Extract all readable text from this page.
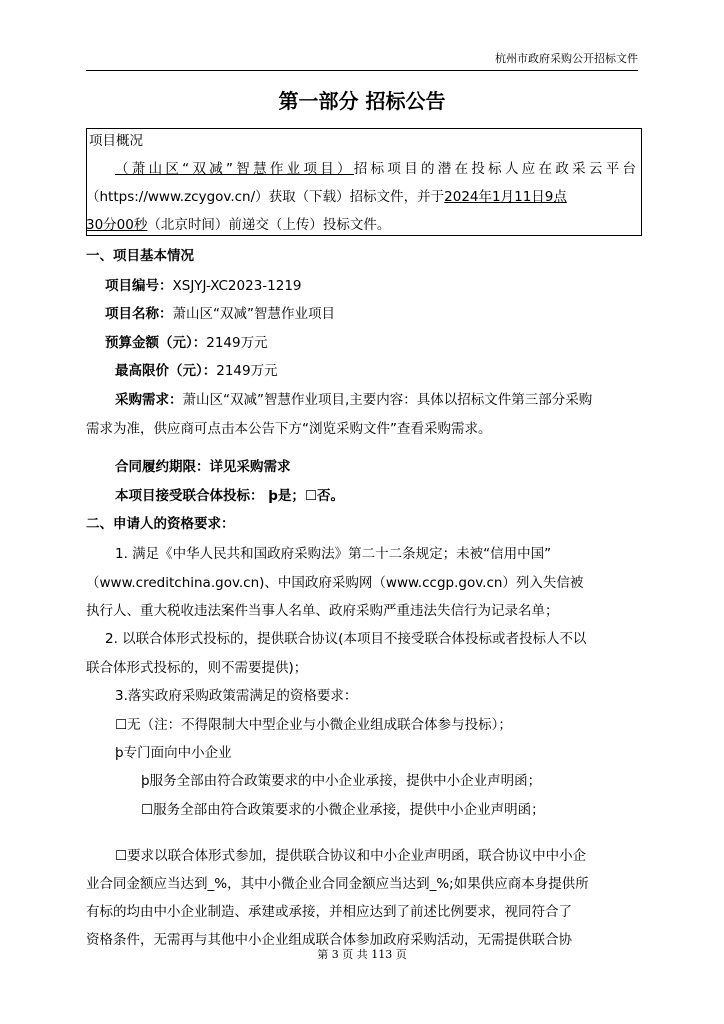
杭州市政府采购公开招标文件
第一部分 招标公告
项目概况
（萧山区“双减”智慧作业项目）招标项目的潜在投标人应在政采云平台
（https://www.zcygov.cn/）获取（下载）招标文件，并于2024年1月11日9点
30分00秒（北京时间）前递交（上传）投标文件。
一、项目基本情况
项目编号：XSJYJ-XC2023-1219
项目名称：萧山区“双减”智慧作业项目
预算金额（元）：2149万元
最高限价（元）：2149万元
采购需求：萧山区“双减”智慧作业项目,主要内容：具体以招标文件第三部分采购
需求为准，供应商可点击本公告下方“浏览采购文件”查看采购需求。
合同履约期限：详见采购需求
本项目接受联合体投标： þ是；☐否。
二、申请人的资格要求：
1. 满足《中华人民共和国政府采购法》第二十二条规定；未被“信用中国”
（www.creditchina.gov.cn)、中国政府采购网（www.ccgp.gov.cn）列入失信被
执行人、重大税收违法案件当事人名单、政府采购严重违法失信行为记录名单；
2. 以联合体形式投标的，提供联合协议(本项目不接受联合体投标或者投标人不以
联合体形式投标的，则不需要提供)；
3.落实政府采购政策需满足的资格要求：
☐无（注：不得限制大中型企业与小微企业组成联合体参与投标）；
þ专门面向中小企业
þ服务全部由符合政策要求的中小企业承接，提供中小企业声明函；
☐服务全部由符合政策要求的小微企业承接，提供中小企业声明函；
☐要求以联合体形式参加，提供联合协议和中小企业声明函，联合协议中中小企
业合同金额应当达到_%，其中小微企业合同金额应当达到_%;如果供应商本身提供所
有标的均由中小企业制造、承建或承接，并相应达到了前述比例要求，视同符合了
资格条件，无需再与其他中小企业组成联合体参加政府采购活动，无需提供联合协
第 3 页 共 113 页
